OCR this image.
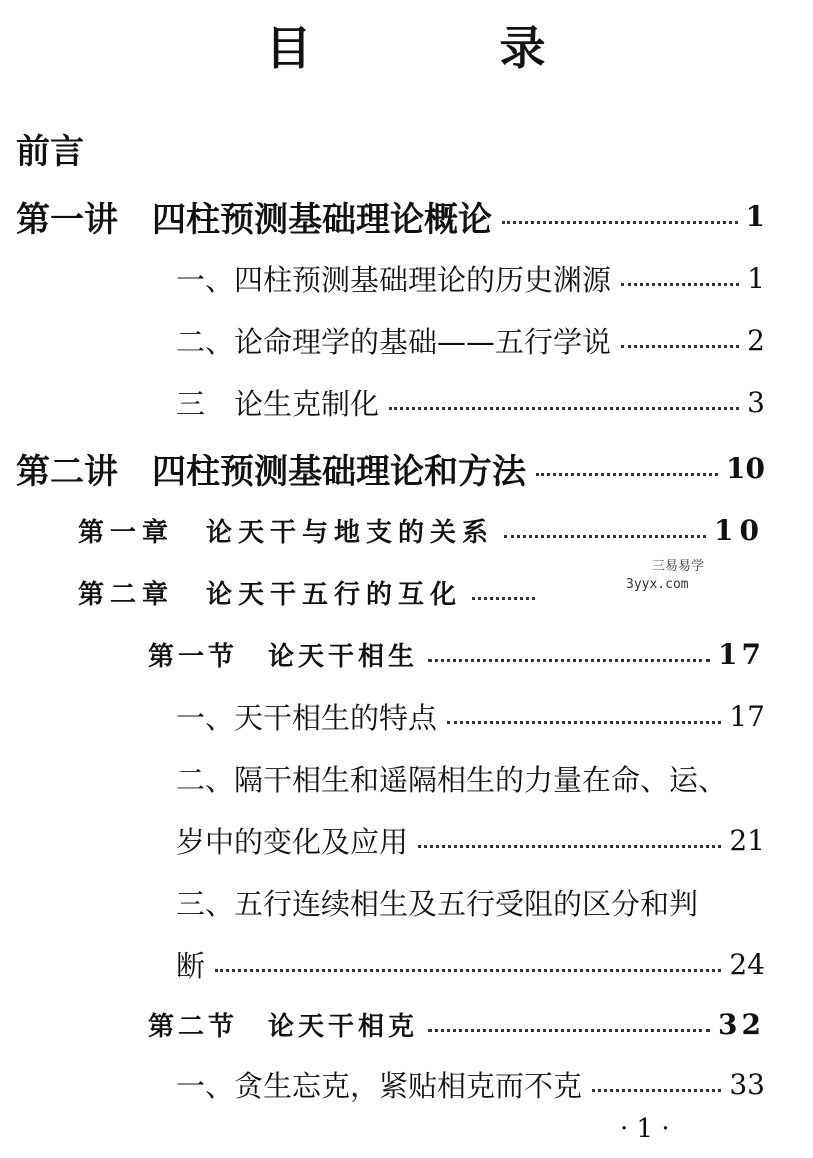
目	录
前言
第一讲　四柱预测基础理论概论	1
一、四柱预测基础理论的历史渊源	1
二、论命理学的基础——五行学说	2
三　论生克制化	3
第二讲　四柱预测基础理论和方法	10
第一章　论天干与地支的关系	10
第二章　论天干五行的互化
三易易学
3yyx.com
第一节　论天干相生	17
一、天干相生的特点	17
二、隔干相生和遥隔相生的力量在命、运、
岁中的变化及应用	21
三、五行连续相生及五行受阻的区分和判
断	24
第二节　论天干相克	32
一、贪生忘克，紧贴相克而不克	33
· 1 ·
